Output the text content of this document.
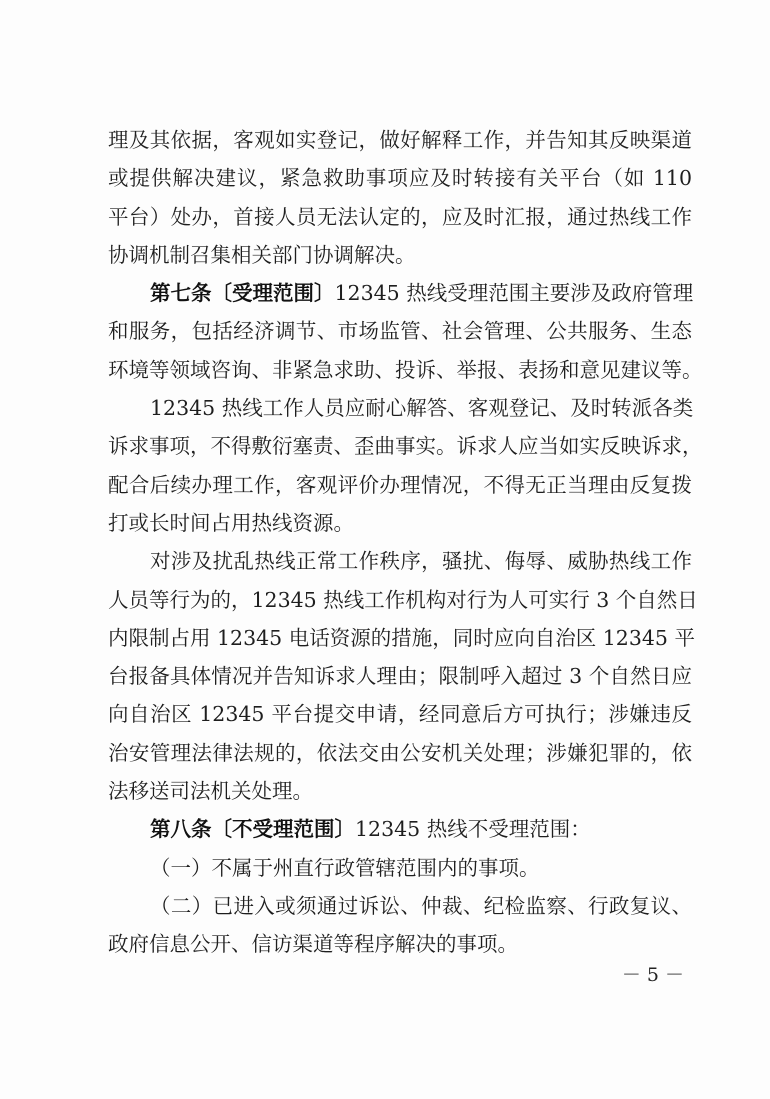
理及其依据，客观如实登记，做好解释工作，并告知其反映渠道
或提供解决建议，紧急救助事项应及时转接有关平台（如 110
平台）处办，首接人员无法认定的，应及时汇报，通过热线工作
协调机制召集相关部门协调解决。
第七条〔受理范围〕12345 热线受理范围主要涉及政府管理
和服务，包括经济调节、市场监管、社会管理、公共服务、生态
环境等领域咨询、非紧急求助、投诉、举报、表扬和意见建议等。
12345 热线工作人员应耐心解答、客观登记、及时转派各类
诉求事项，不得敷衍塞责、歪曲事实。诉求人应当如实反映诉求，
配合后续办理工作，客观评价办理情况，不得无正当理由反复拨
打或长时间占用热线资源。
对涉及扰乱热线正常工作秩序，骚扰、侮辱、威胁热线工作
人员等行为的，12345 热线工作机构对行为人可实行 3 个自然日
内限制占用 12345 电话资源的措施，同时应向自治区 12345 平
台报备具体情况并告知诉求人理由；限制呼入超过 3 个自然日应
向自治区 12345 平台提交申请，经同意后方可执行；涉嫌违反
治安管理法律法规的，依法交由公安机关处理；涉嫌犯罪的，依
法移送司法机关处理。
第八条〔不受理范围〕12345 热线不受理范围：
（一）不属于州直行政管辖范围内的事项。
（二）已进入或须通过诉讼、仲裁、纪检监察、行政复议、
政府信息公开、信访渠道等程序解决的事项。
－ 5 －
